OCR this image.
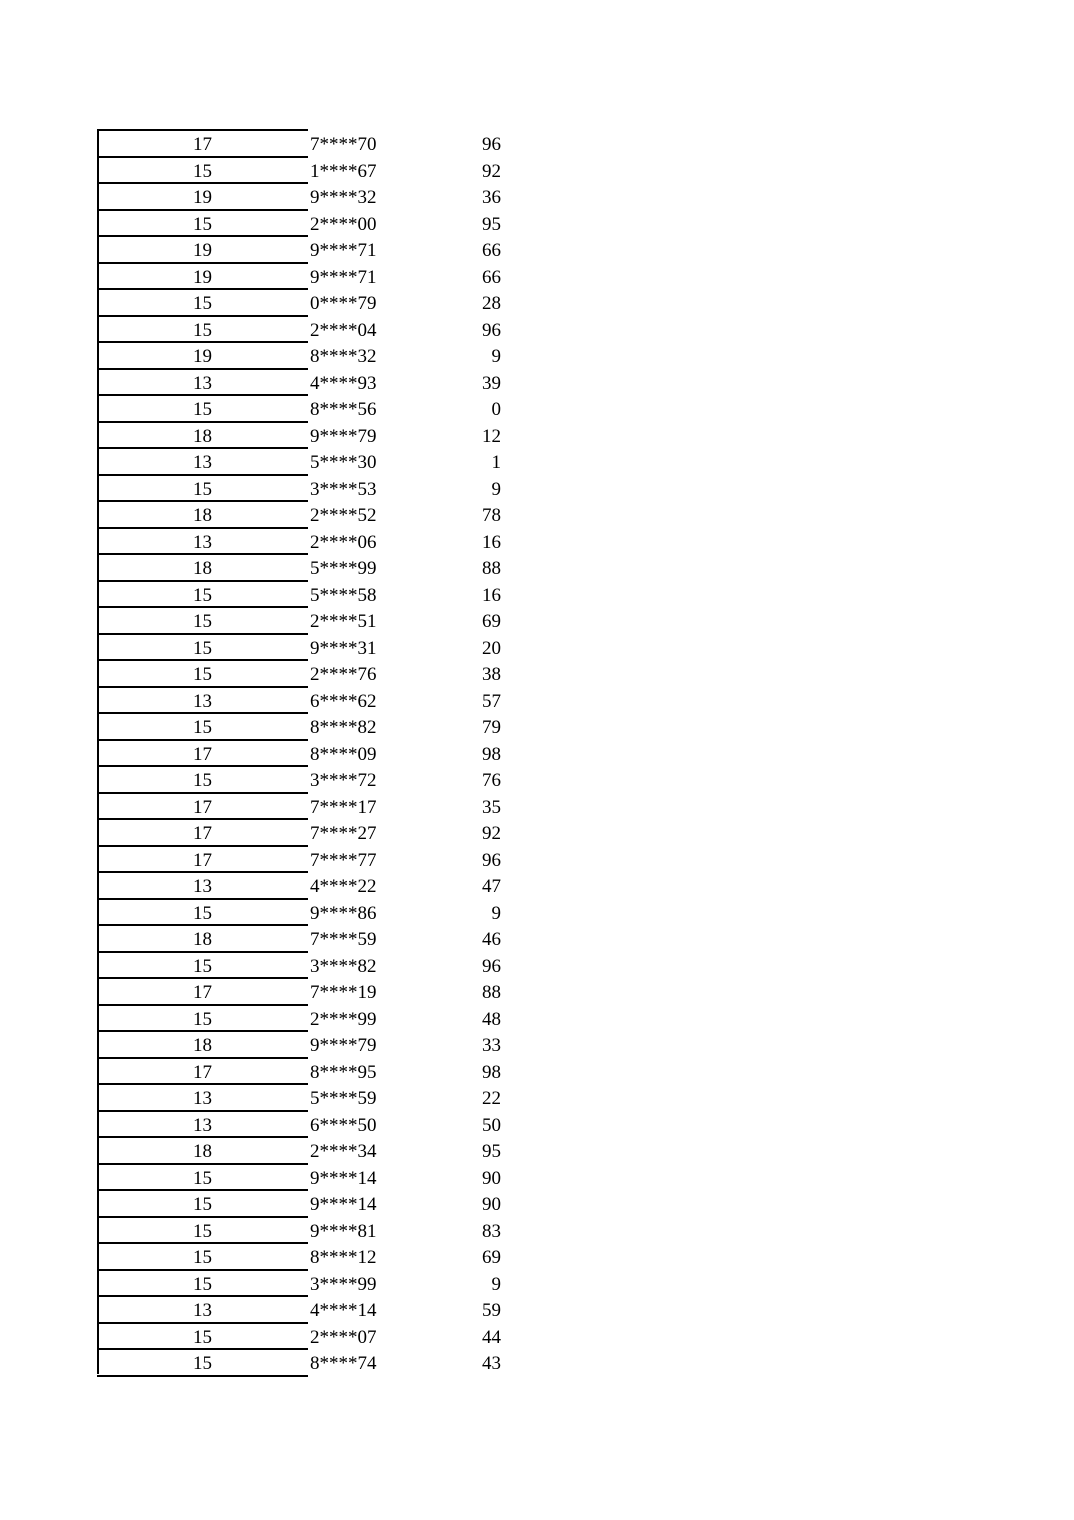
17	7****70	96
15	1****67	92
19	9****32	36
15	2****00	95
19	9****71	66
19	9****71	66
15	0****79	28
15	2****04	96
19	8****32	9
13	4****93	39
15	8****56	0
18	9****79	12
13	5****30	1
15	3****53	9
18	2****52	78
13	2****06	16
18	5****99	88
15	5****58	16
15	2****51	69
15	9****31	20
15	2****76	38
13	6****62	57
15	8****82	79
17	8****09	98
15	3****72	76
17	7****17	35
17	7****27	92
17	7****77	96
13	4****22	47
15	9****86	9
18	7****59	46
15	3****82	96
17	7****19	88
15	2****99	48
18	9****79	33
17	8****95	98
13	5****59	22
13	6****50	50
18	2****34	95
15	9****14	90
15	9****14	90
15	9****81	83
15	8****12	69
15	3****99	9
13	4****14	59
15	2****07	44
15	8****74	43
